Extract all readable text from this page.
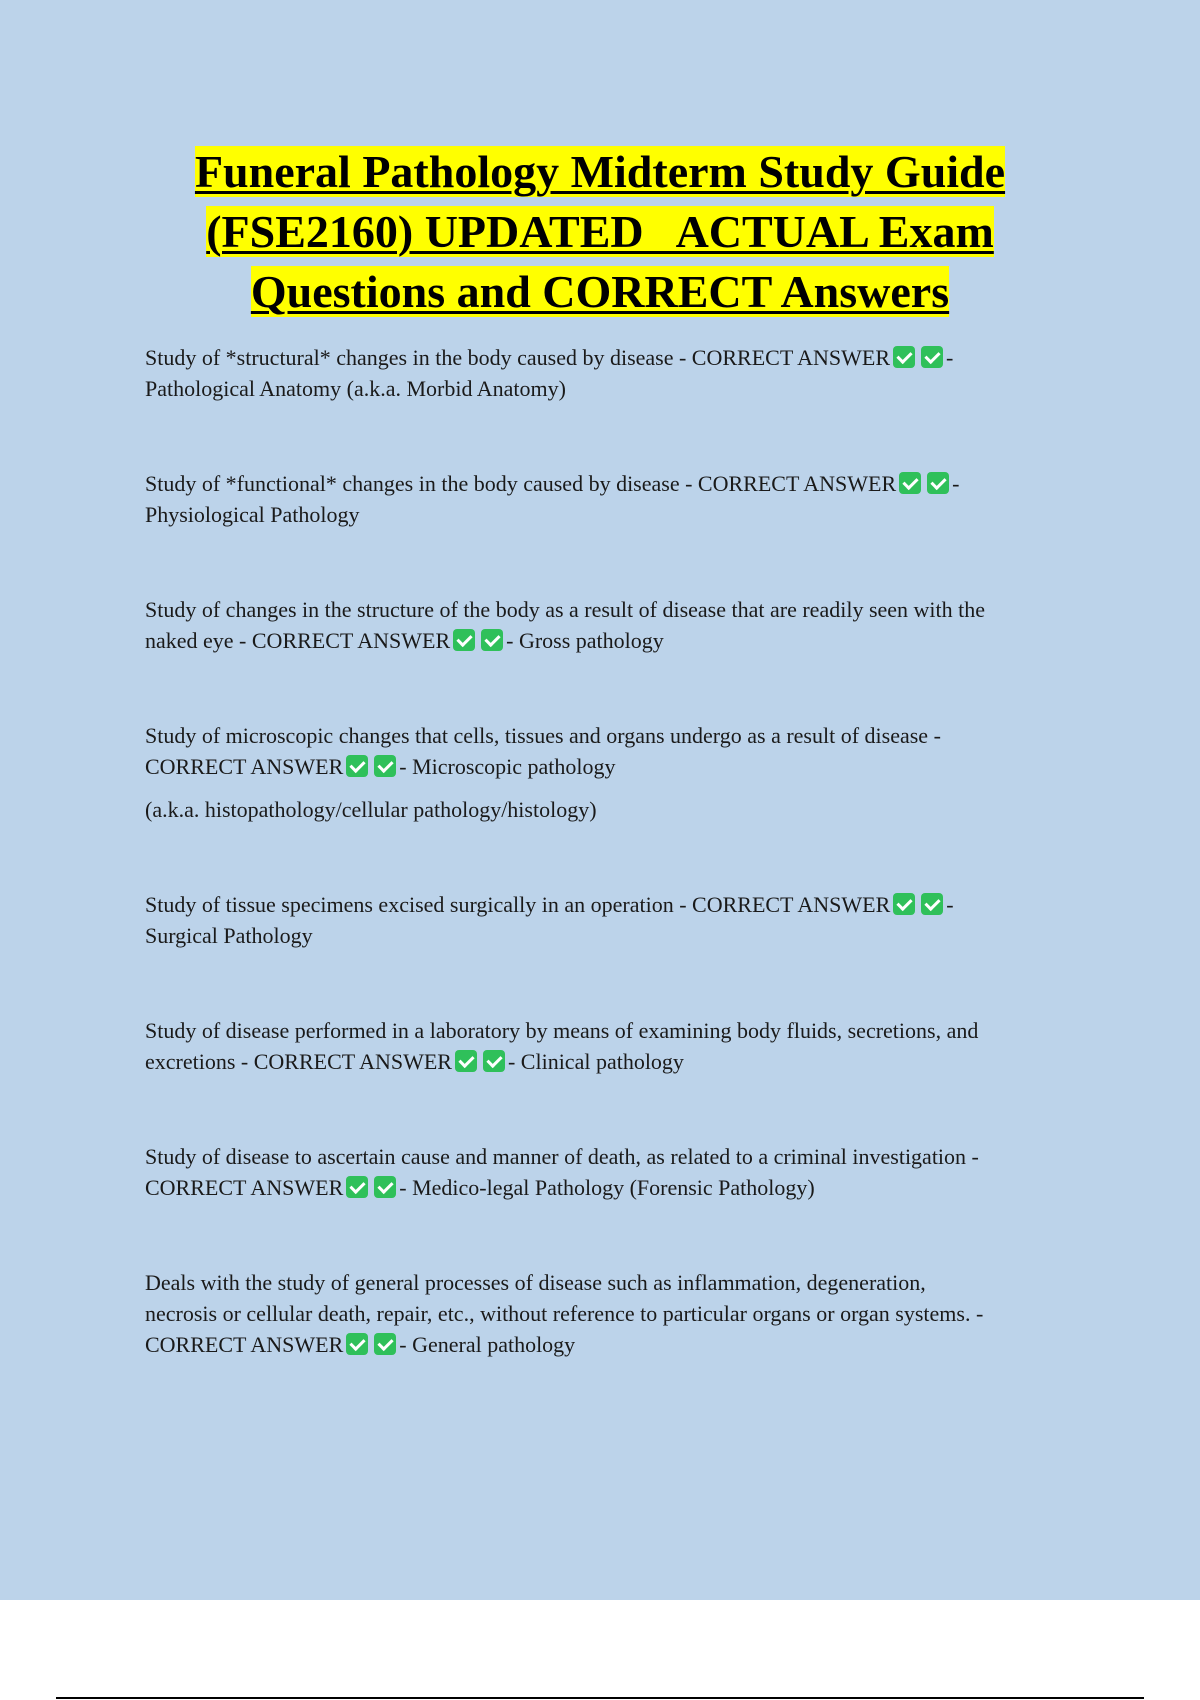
Funeral Pathology Midterm Study Guide
(FSE2160) UPDATED   ACTUAL Exam
Questions and CORRECT Answers

Study of *structural* changes in the body caused by disease - CORRECT ANSWER	-

Pathological Anatomy (a.k.a. Morbid Anatomy)

Study of *functional* changes in the body caused by disease - CORRECT ANSWER	-

Physiological Pathology

Study of changes in the structure of the body as a result of disease that are readily seen with the

naked eye - CORRECT ANSWER	- Gross pathology

Study of microscopic changes that cells, tissues and organs undergo as a result of disease -

CORRECT ANSWER	- Microscopic pathology

(a.k.a. histopathology/cellular pathology/histology)

Study of tissue specimens excised surgically in an operation - CORRECT ANSWER	-

Surgical Pathology

Study of disease performed in a laboratory by means of examining body fluids, secretions, and

excretions - CORRECT ANSWER	- Clinical pathology

Study of disease to ascertain cause and manner of death, as related to a criminal investigation -

CORRECT ANSWER	- Medico-legal Pathology (Forensic Pathology)

Deals with the study of general processes of disease such as inflammation, degeneration,

necrosis or cellular death, repair, etc., without reference to particular organs or organ systems. -

CORRECT ANSWER	- General pathology
